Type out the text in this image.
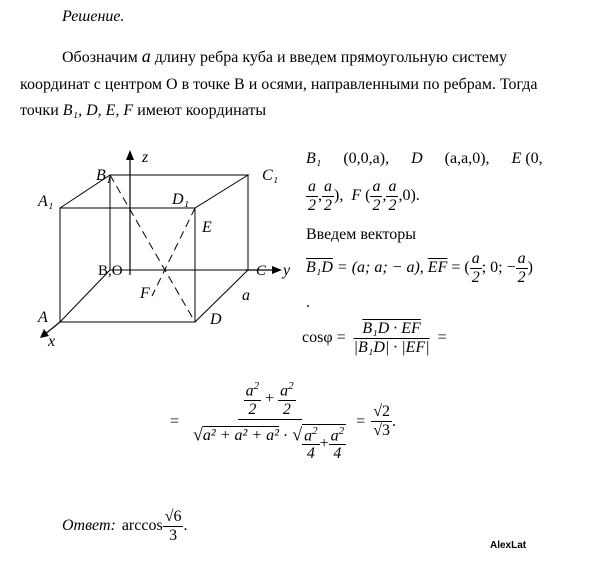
Решение.
Обозначим a длину ребра куба и введем прямоугольную систему
координат с центром О в точке В и осями, направленными по ребрам. Тогда
точки B₁, D, E, F имеют координаты
z
y
x
B₁	C₁
A₁	D₁
E
B,O	C
F	a
A	D
B₁ (0,0,a), D (a,a,0), E (0,
$\frac{a}{2}$ , $\frac{a}{2}$ ), F ( $\frac{a}{2}$ , $\frac{a}{2} ,0$).
Введем векторы
B₁D = (a; a; − a), $\overline{EF}$ = ( $\frac{a}{2}$ ; 0; − $\frac{a}{2}$ )
.
$\cos\varphi = \frac{\text{B₁D · EF}}{\text{|B₁D| · |EF|}}$ =
=
$\frac{a^2}{2} + \frac{a^2}{2}$
√a² + a² + a² · √ $\frac{a^2}{4} + \frac{a^2}{4}$
= $\frac{√2}{√3}$ .
Ответ: $\arccos \frac{√6}{3}$ .
AlexLat
